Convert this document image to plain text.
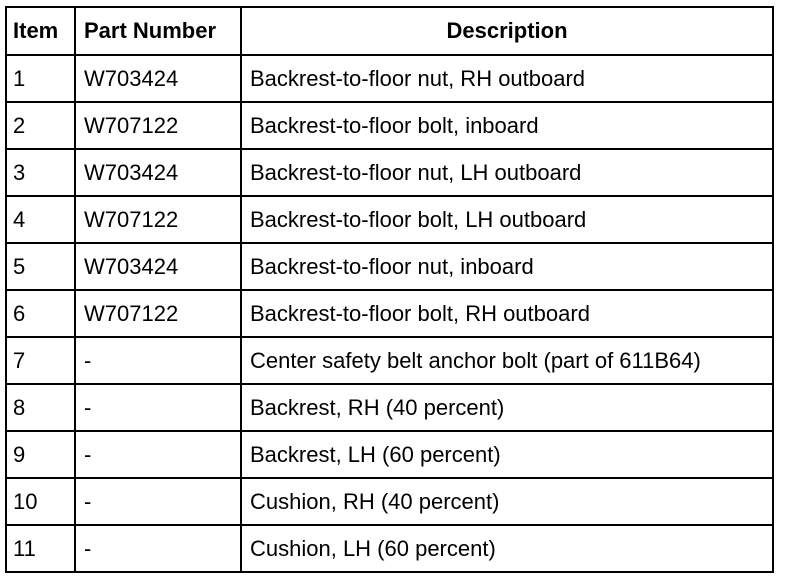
Item	Part Number	Description
1	W703424	Backrest-to-floor nut, RH outboard
2	W707122	Backrest-to-floor bolt, inboard
3	W703424	Backrest-to-floor nut, LH outboard
4	W707122	Backrest-to-floor bolt, LH outboard
5	W703424	Backrest-to-floor nut, inboard
6	W707122	Backrest-to-floor bolt, RH outboard
7	-	Center safety belt anchor bolt (part of 611B64)
8	-	Backrest, RH (40 percent)
9	-	Backrest, LH (60 percent)
10	-	Cushion, RH (40 percent)
11	-	Cushion, LH (60 percent)
